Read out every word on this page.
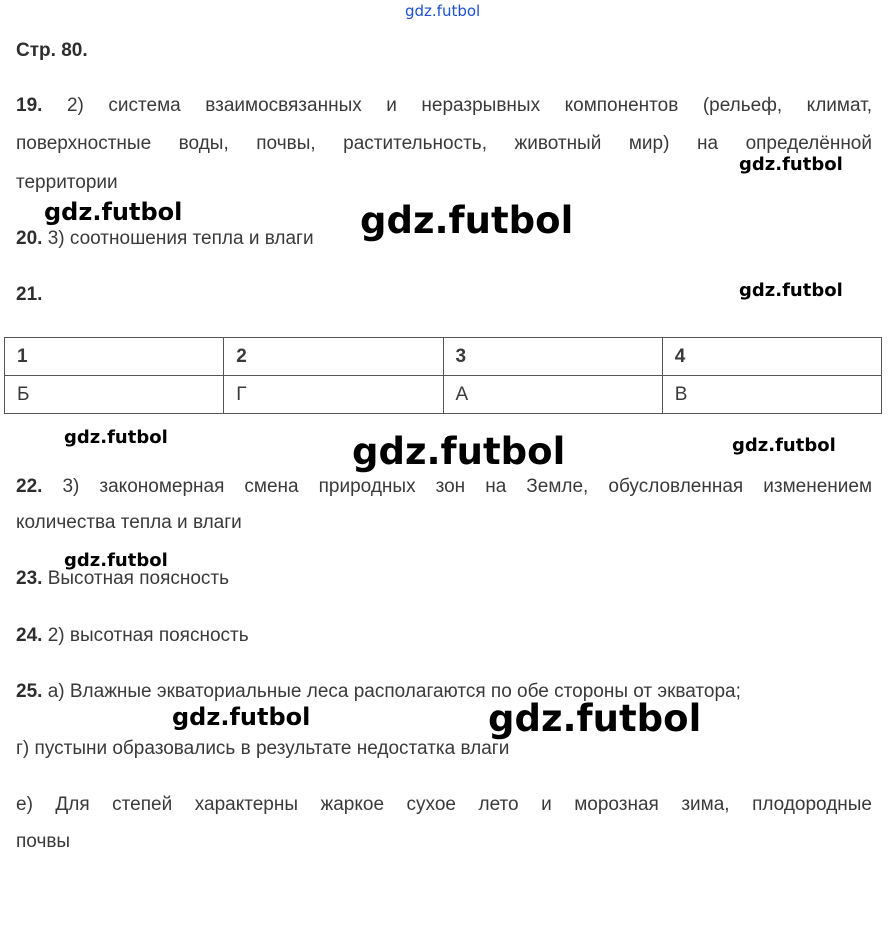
gdz.futbol
Стр. 80.
19. 2) система взаимосвязанных и неразрывных компонентов (рельеф, климат,
поверхностные воды, почвы, растительность, животный мир) на определённой
территории
20. 3) соотношения тепла и влаги
21.
1	2	3	4
Б	Г	А	В
22. 3) закономерная смена природных зон на Земле, обусловленная изменением
количества тепла и влаги
23. Высотная поясность
24. 2) высотная поясность
25. а) Влажные экваториальные леса располагаются по обе стороны от экватора;
г) пустыни образовались в результате недостатка влаги
е) Для степей характерны жаркое сухое лето и морозная зима, плодородные
почвы
gdz.futbol
gdz.futbol	gdz.futbol
gdz.futbol
gdz.futbol	gdz.futbol	gdz.futbol
gdz.futbol
gdz.futbol	gdz.futbol
